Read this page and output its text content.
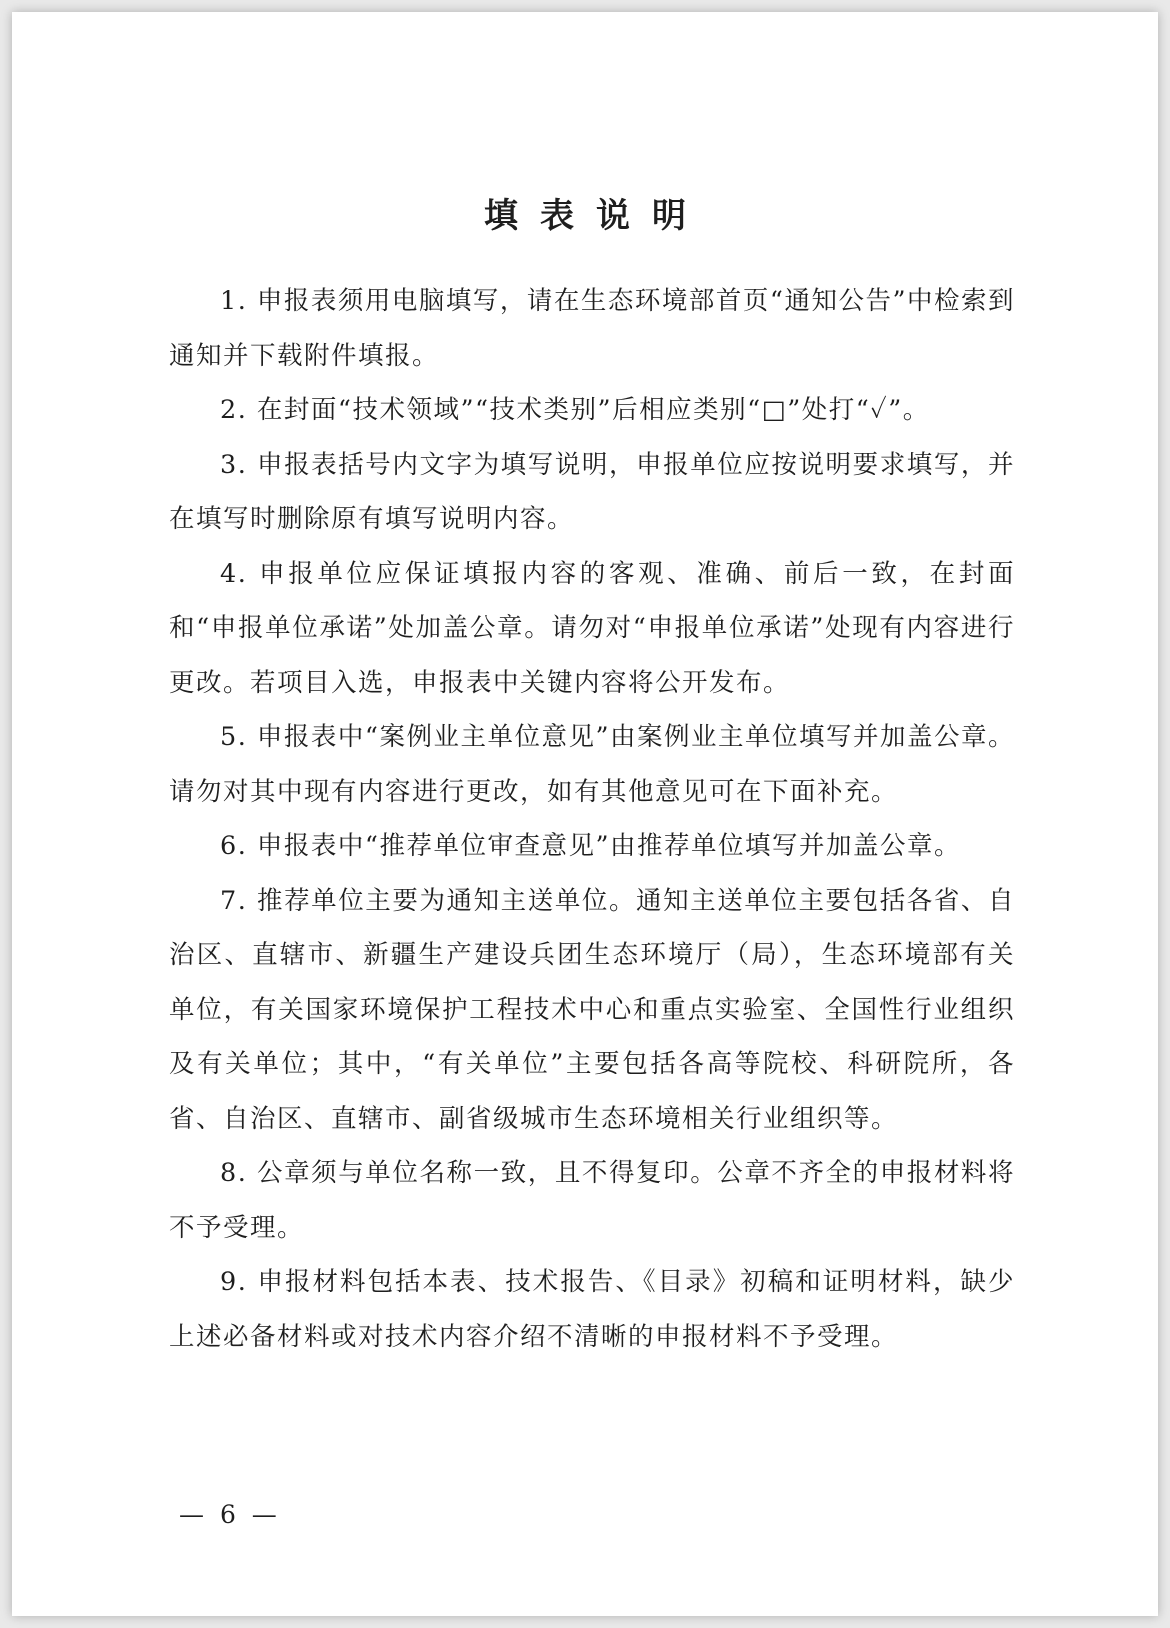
填表说明

1. 申报表须用电脑填写，请在生态环境部首页“通知公告”中检索到通知并下载附件填报。

2. 在封面“技术领域”“技术类别”后相应类别“□”处打“✓”。

3. 申报表括号内文字为填写说明，申报单位应按说明要求填写，并在填写时删除原有填写说明内容。

4. 申报单位应保证填报内容的客观、准确、前后一致，在封面和“申报单位承诺”处加盖公章。请勿对“申报单位承诺”处现有内容进行更改。若项目入选，申报表中关键内容将公开发布。

5. 申报表中“案例业主单位意见”由案例业主单位填写并加盖公章。请勿对其中现有内容进行更改，如有其他意见可在下面补充。

6. 申报表中“推荐单位审查意见”由推荐单位填写并加盖公章。

7. 推荐单位主要为通知主送单位。通知主送单位主要包括各省、自治区、直辖市、新疆生产建设兵团生态环境厅（局），生态环境部有关单位，有关国家环境保护工程技术中心和重点实验室、全国性行业组织及有关单位；其中，“有关单位”主要包括各高等院校、科研院所，各省、自治区、直辖市、副省级城市生态环境相关行业组织等。

8. 公章须与单位名称一致，且不得复印。公章不齐全的申报材料将不予受理。

9. 申报材料包括本表、技术报告、《目录》初稿和证明材料，缺少上述必备材料或对技术内容介绍不清晰的申报材料不予受理。

— 6 —
